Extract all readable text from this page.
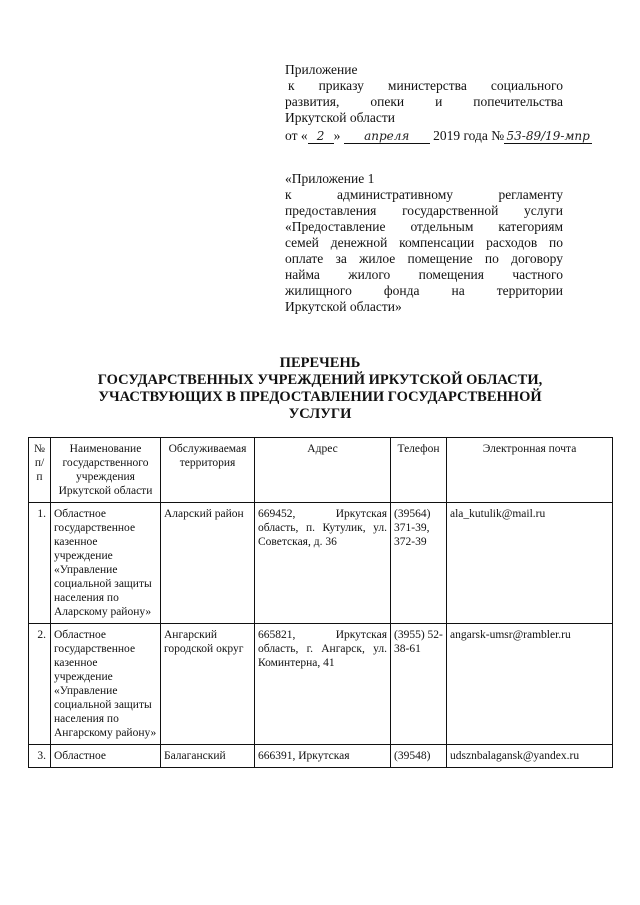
Приложение
к приказу министерства социального
развития, опеки и попечительства
Иркутской области
от « 2 » апреля 2019 года № 53-89/19-мпр
«Приложение 1
к административному регламенту
предоставления государственной услуги
«Предоставление отдельным категориям
семей денежной компенсации расходов по
оплате за жилое помещение по договору
найма жилого помещения частного
жилищного фонда на территории
Иркутской области»
ПЕРЕЧЕНЬ
ГОСУДАРСТВЕННЫХ УЧРЕЖДЕНИЙ ИРКУТСКОЙ ОБЛАСТИ,
УЧАСТВУЮЩИХ В ПРЕДОСТАВЛЕНИИ ГОСУДАРСТВЕННОЙ
УСЛУГИ
№ п/п	Наименование государственного учреждения Иркутской области	Обслуживаемая территория	Адрес	Телефон	Электронная почта
1.	Областное государственное казенное учреждение «Управление социальной защиты населения по Аларскому району»	Аларский район	669452, Иркутская область, п. Кутулик, ул. Советская, д. 36	(39564) 371-39, 372-39	ala_kutulik@mail.ru
2.	Областное государственное казенное учреждение «Управление социальной защиты населения по Ангарскому району»	Ангарский городской округ	665821, Иркутская область, г. Ангарск, ул. Коминтерна, 41	(3955) 52-38-61	angarsk-umsr@rambler.ru
3.	Областное	Балаганский	666391, Иркутская	(39548)	udsznbalagansk@yandex.ru
